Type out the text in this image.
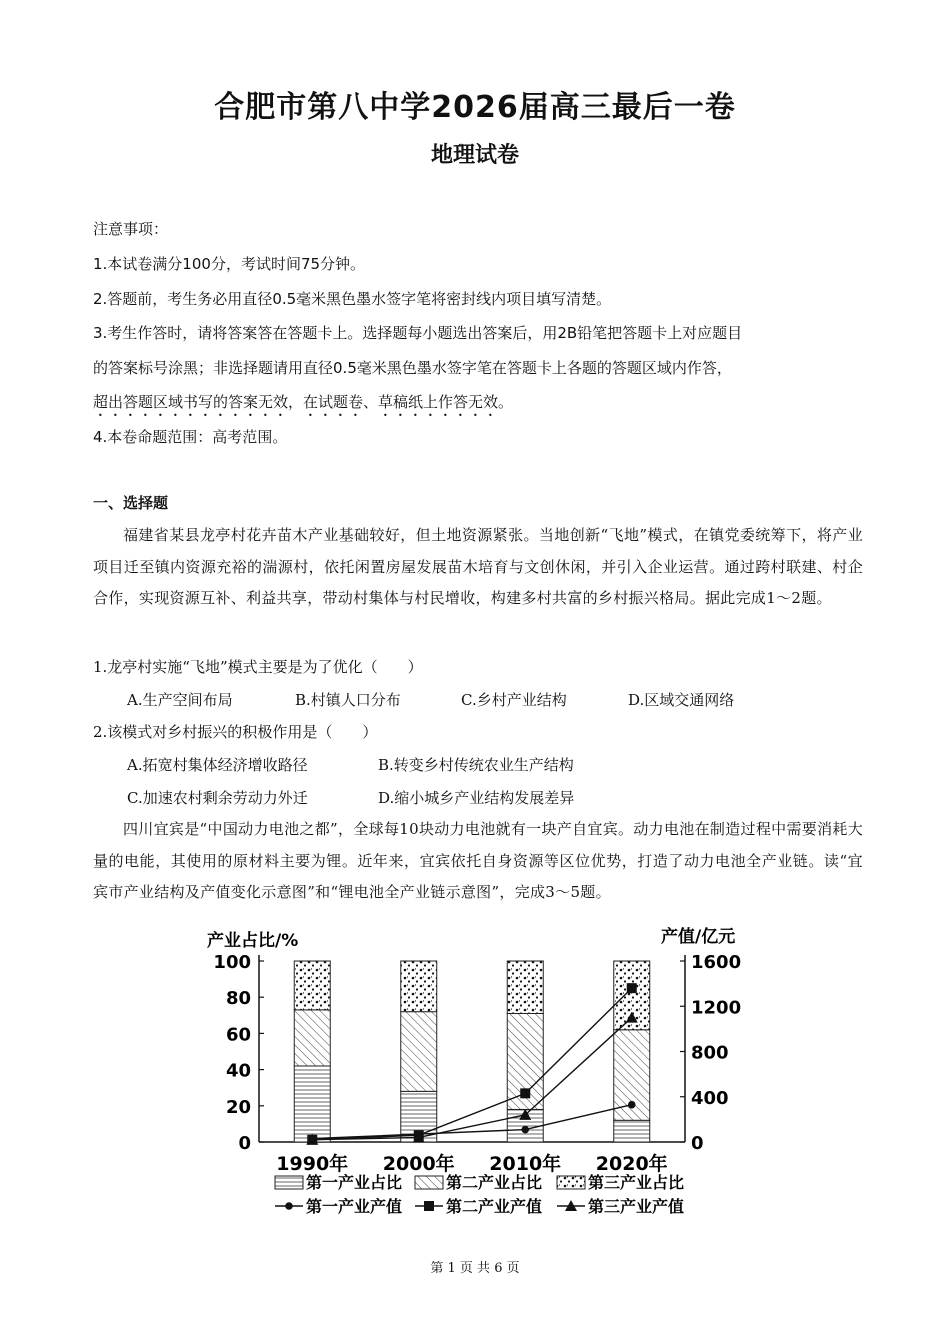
合肥市第八中学2026届高三最后一卷
地理试卷
注意事项：
1.本试卷满分100分，考试时间75分钟。
2.答题前，考生务必用直径0.5毫米黑色墨水签字笔将密封线内项目填写清楚。
3.考生作答时，请将答案答在答题卡上。选择题每小题选出答案后，用2B铅笔把答题卡上对应题目
的答案标号涂黑；非选择题请用直径0.5毫米黑色墨水签字笔在答题卡上各题的答题区域内作答，
超出答题区域书写的答案无效，在试题卷、草稿纸上作答无效。
4.本卷命题范围：高考范围。
一、选择题
福建省某县龙亭村花卉苗木产业基础较好，但土地资源紧张。当地创新“飞地”模式，在镇党委统筹下，将产业项目迁至镇内资源充裕的湍源村，依托闲置房屋发展苗木培育与文创休闲，并引入企业运营。通过跨村联建、村企合作，实现资源互补、利益共享，带动村集体与村民增收，构建多村共富的乡村振兴格局。据此完成1～2题。
1.龙亭村实施“飞地”模式主要是为了优化（　　）
A.生产空间布局	B.村镇人口分布	C.乡村产业结构	D.区域交通网络
2.该模式对乡村振兴的积极作用是（　　）
A.拓宽村集体经济增收路径	B.转变乡村传统农业生产结构
C.加速农村剩余劳动力外迁	D.缩小城乡产业结构发展差异
四川宜宾是“中国动力电池之都”，全球每10块动力电池就有一块产自宜宾。动力电池在制造过程中需要消耗大量的电能，其使用的原材料主要为锂。近年来，宜宾依托自身资源等区位优势，打造了动力电池全产业链。读“宜宾市产业结构及产值变化示意图”和“锂电池全产业链示意图”，完成3～5题。
0
20
40
60
80
100
0
400
800
1200
1600
产业占比/%	产值/亿元
1990年 2000年 2010年 2020年
第一产业占比	第二产业占比	第三产业占比
第一产业产值	第二产业产值	第三产业产值
第 1 页 共 6 页
